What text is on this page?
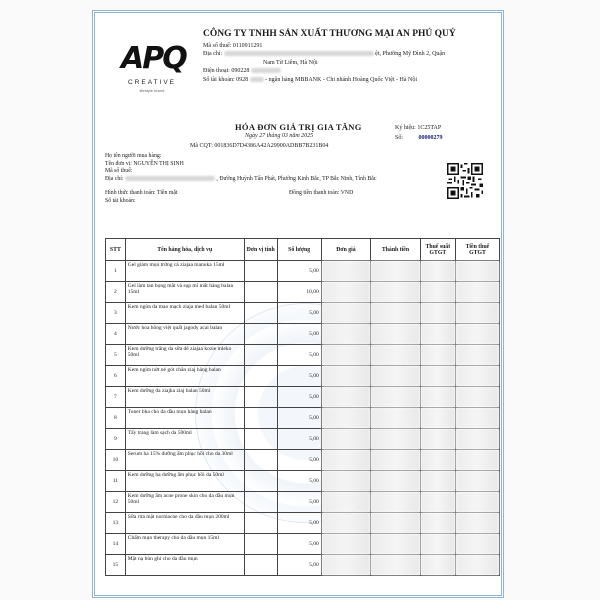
APQ
CREATIVE
lifestyle brand
CÔNG TY TNHH SẢN XUẤT THƯƠNG MẠI AN PHÚ QUÝ
Mã số thuế: 0110911291
Địa chỉ:	ệt, Phường Mỹ Đình 2, Quận
Nam Từ Liêm, Hà Nội
Điện thoại: 090228
Số tài khoản: 0928	- ngân hàng MBBANK - Chi nhánh Hoàng Quốc Việt - Hà Nội
HÓA ĐƠN GIÁ TRỊ GIA TĂNG
Ngày 27 tháng 03 năm 2025
Mã CQT: 001836D7D4386A42A29900ADBB7B231B04
Ký hiệu: 1C25TAP
Số:	00000279
Họ tên người mua hàng:
Tên đơn vị: NGUYỄN THỊ SINH
Mã số thuế:
Địa chỉ:	, Đường Huỳnh Tấn Phát, Phường Kinh Bắc, TP Bắc Ninh, Tỉnh Bắc
Hình thức thanh toán: Tiền mặt	Đồng tiền thanh toán: VND
Số tài khoản:
STT	Tên hàng hóa, dịch vụ	Đơn vị tính	Số lượng	Đơn giá	Thành tiền	Thuế suất GTGT	Tiền thuế GTGT
1	Gel giảm mụn trứng cá ziajaa manuka 15ml		5,00				
2	Gel làm tan bọng mắt và sụp mí mắt hàng balan 15ml		10,00				
3	Kem ngừa da mao mạch ziaja med balan 50ml		5,00				
4	Nước hoa hồng việt quất jagody acai balan		5,00				
5	Kem dưỡng trắng da sữa dê ziajaa kozie mleko 50ml		5,00				
6	Kem ngừa nứt nẻ gót chân ziaj hàng balan		5,00				
7	Kem dưỡng da ziajka ziaj balan 50ml		5,00				
8	Toner bha cho da dầu mụn hàng balan		5,00				
9	Tẩy trang làm sạch da 500ml		5,00				
10	Serum ha 15% dưỡng ẩm phục hồi cho da 30ml		5,00				
11	Kem dưỡng ha dưỡng ẩm phục hồi da 50ml		5,00				
12	Kem dưỡng ẩm acne prone skin cho da dầu mụn 50ml		5,00				
13	Sữa rửa mặt normacne cho da dầu mụn 200ml		5,00				
14	Chấm mụn therapy cho da dầu mụn 15ml		5,00				
15	Mặt nạ bùn ghi cho da dầu mụn		5,00				
